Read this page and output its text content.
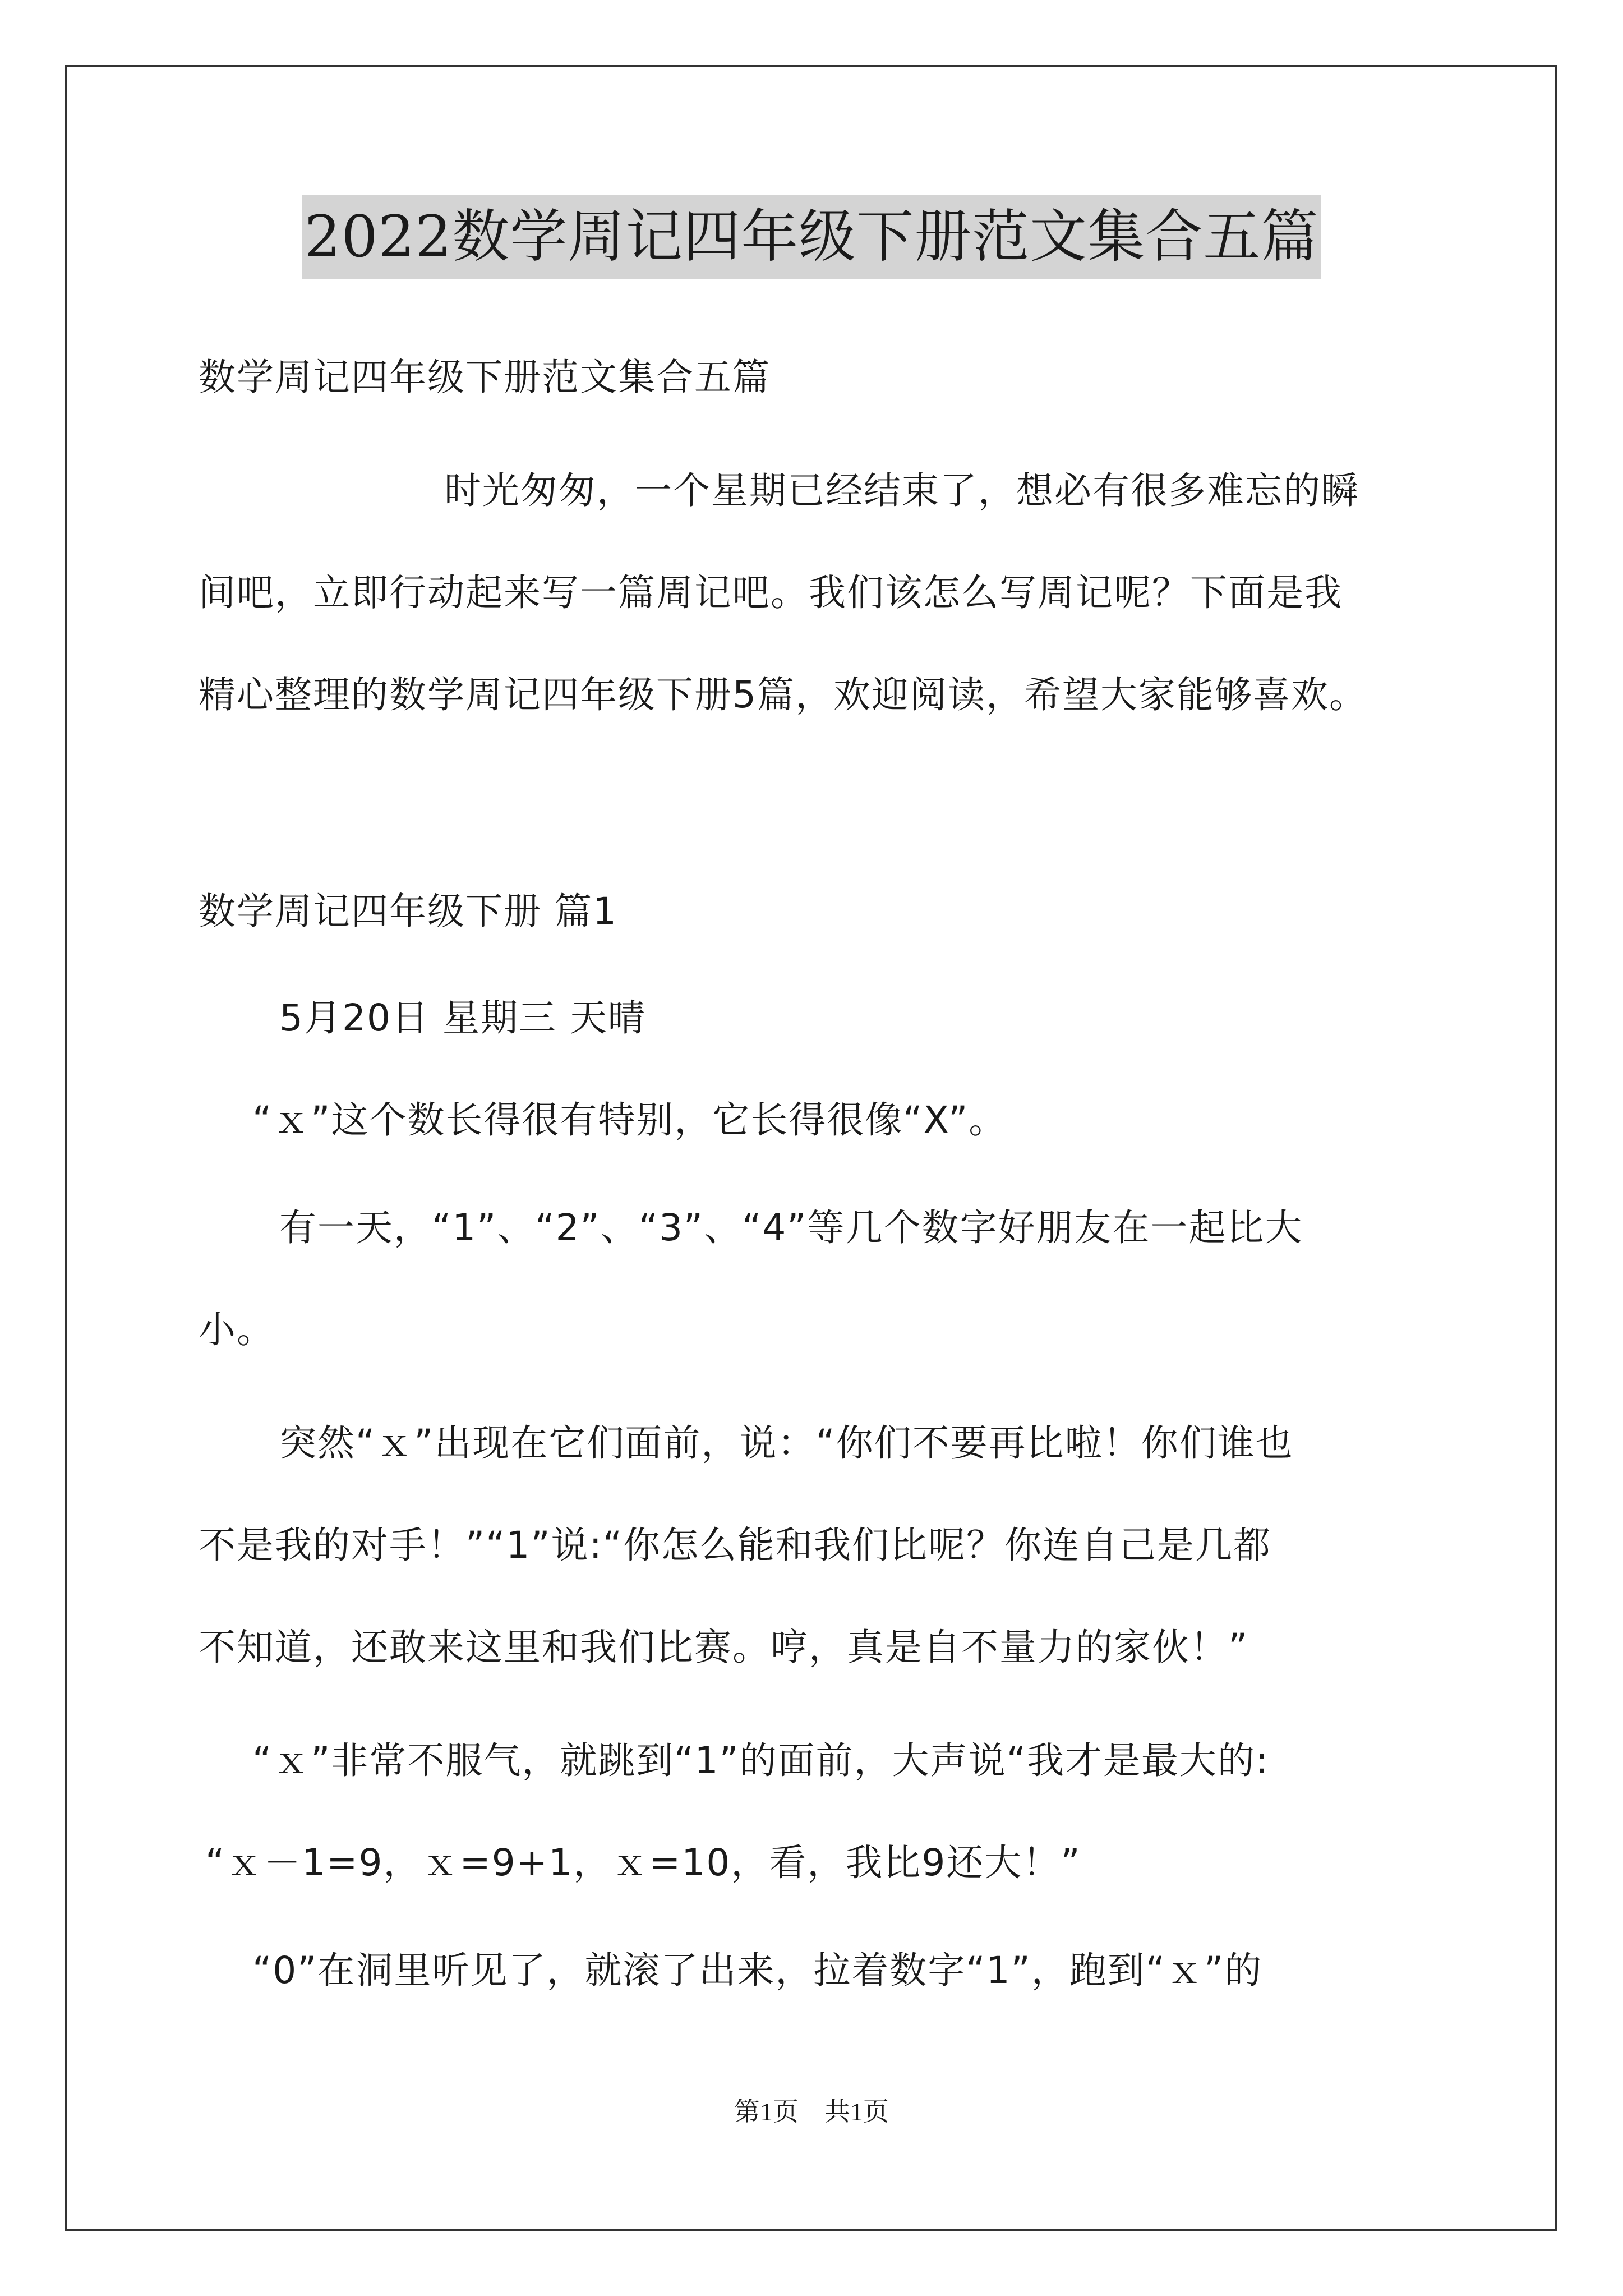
2022数学周记四年级下册范文集合五篇
数学周记四年级下册范文集合五篇
时光匆匆，一个星期已经结束了，想必有很多难忘的瞬
间吧，立即行动起来写一篇周记吧。我们该怎么写周记呢？下面是我
精心整理的数学周记四年级下册5篇，欢迎阅读，希望大家能够喜欢。
数学周记四年级下册 篇1
5月20日 星期三 天晴
“ｘ”这个数长得很有特别，它长得很像“X”。
有一天，“1”、“2”、“3”、“4”等几个数字好朋友在一起比大
小。
突然“ｘ”出现在它们面前，说：“你们不要再比啦！你们谁也
不是我的对手！”“1”说:“你怎么能和我们比呢？你连自己是几都
不知道，还敢来这里和我们比赛。哼，真是自不量力的家伙！”
“ｘ”非常不服气，就跳到“1”的面前，大声说“我才是最大的:
“ｘ－1=9，ｘ=9+1，ｘ=10，看，我比9还大！”
“0”在洞里听见了，就滚了出来，拉着数字“1”，跑到“ｘ”的
第1页　共1页
